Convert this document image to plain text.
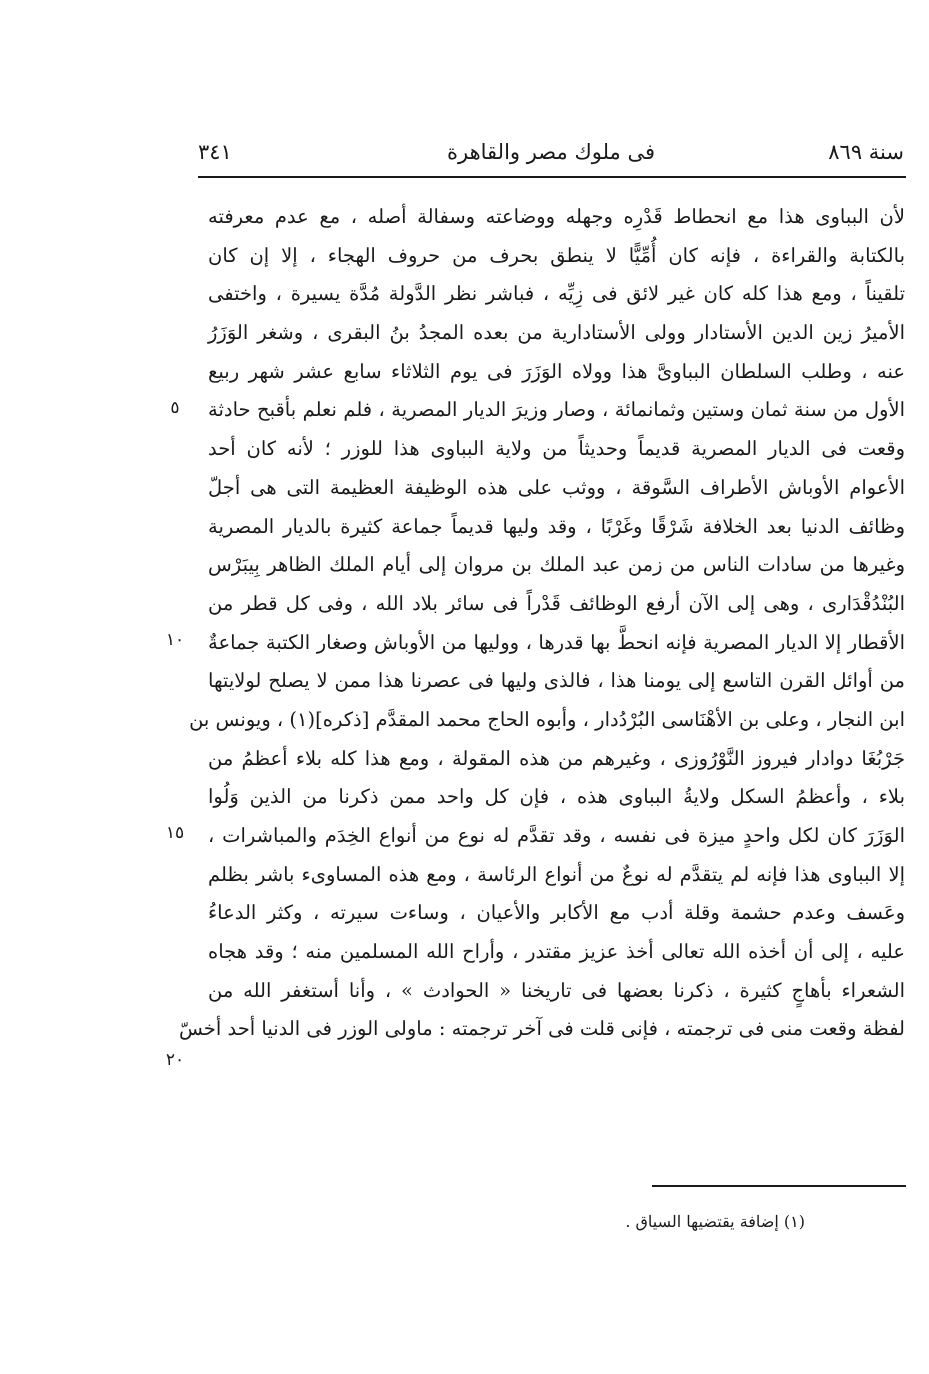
سنة ٨٦٩
فى ملوك مصر والقاهرة
٣٤١
لأن البباوى هذا مع انحطاط قَدْرِه وجهله ووضاعته وسفالة أصله ، مع عدم معرفته
بالكتابة والقراءة ، فإنه كان أُمِّيًّا لا ينطق بحرف من حروف الهجاء ، إلا إن كان
تلقيناً ، ومع هذا كله كان غير لائق فى زِيِّه ، فباشر نظر الدَّولة مُدَّة يسيرة ، واختفى
الأميرُ زين الدين الأستادار وولى الأستادارية من بعده المجدُ بنُ البقرى ، وشغر الوَزَرُ
عنه ، وطلب السلطان البباوىَّ هذا وولاه الوَزَرَ فى يوم الثلاثاء سابع عشر شهر ربيع
الأول من سنة ثمان وستين وثمانمائة ، وصار وزيرَ الديار المصرية ، فلم نعلم بأقبح حادثة
وقعت فى الديار المصرية قديماً وحديثاً من ولاية البباوى هذا للوزر ؛ لأنه كان أحد
الأعوام الأوباش الأطراف السَّوقة ، ووثب على هذه الوظيفة العظيمة التى هى أجلّ
وظائف الدنيا بعد الخلافة شَرْقًا وغَرْبًا ، وقد وليها قديماً جماعة كثيرة بالديار المصرية
وغيرها من سادات الناس من زمن عبد الملك بن مروان إلى أيام الملك الظاهر بِيبَرْس
البُنْدُقْدَارى ، وهى إلى الآن أرفع الوظائف قَدْراً فى سائر بلاد الله ، وفى كل قطر من
الأقطار إلا الديار المصرية فإنه انحطَّ بها قدرها ، ووليها من الأوباش وصغار الكتبة جماعةٌ
من أوائل القرن التاسع إلى يومنا هذا ، فالذى وليها فى عصرنا هذا ممن لا يصلح لولايتها
ابن النجار ، وعلى بن الأهْنَاسى البُرْدُدار ، وأبوه الحاج محمد المقدَّم [ذكره](١) ، ويونس بن
جَرْبُغَا دوادار فيروز النَّوْرُوزى ، وغيرهم من هذه المقولة ، ومع هذا كله بلاء أعظمُ من
بلاء ، وأعظمُ السكل ولايةُ البباوى هذه ، فإن كل واحد ممن ذكرنا من الذين وَلُوا
الوَزَرَ كان لكل واحدٍ ميزة فى نفسه ، وقد تقدَّم له نوع من أنواع الخِدَم والمباشرات ،
إلا البباوى هذا فإنه لم يتقدَّم له نوعٌ من أنواع الرئاسة ، ومع هذه المساوىء باشر بظلم
وعَسف وعدم حشمة وقلة أدب مع الأكابر والأعيان ، وساءت سيرته ، وكثر الدعاءُ
عليه ، إلى أن أخذه الله تعالى أخذ عزيز مقتدر ، وأراح الله المسلمين منه ؛ وقد هجاه
الشعراء بأهاجٍ كثيرة ، ذكرنا بعضها فى تاريخنا « الحوادث » ، وأنا أستغفر الله من
لفظة وقعت منى فى ترجمته ، فإنى قلت فى آخر ترجمته : ماولى الوزر فى الدنيا أحد أخسّ
٥
١٠
١٥
٢٠
(١) إضافة يقتضيها السياق .
